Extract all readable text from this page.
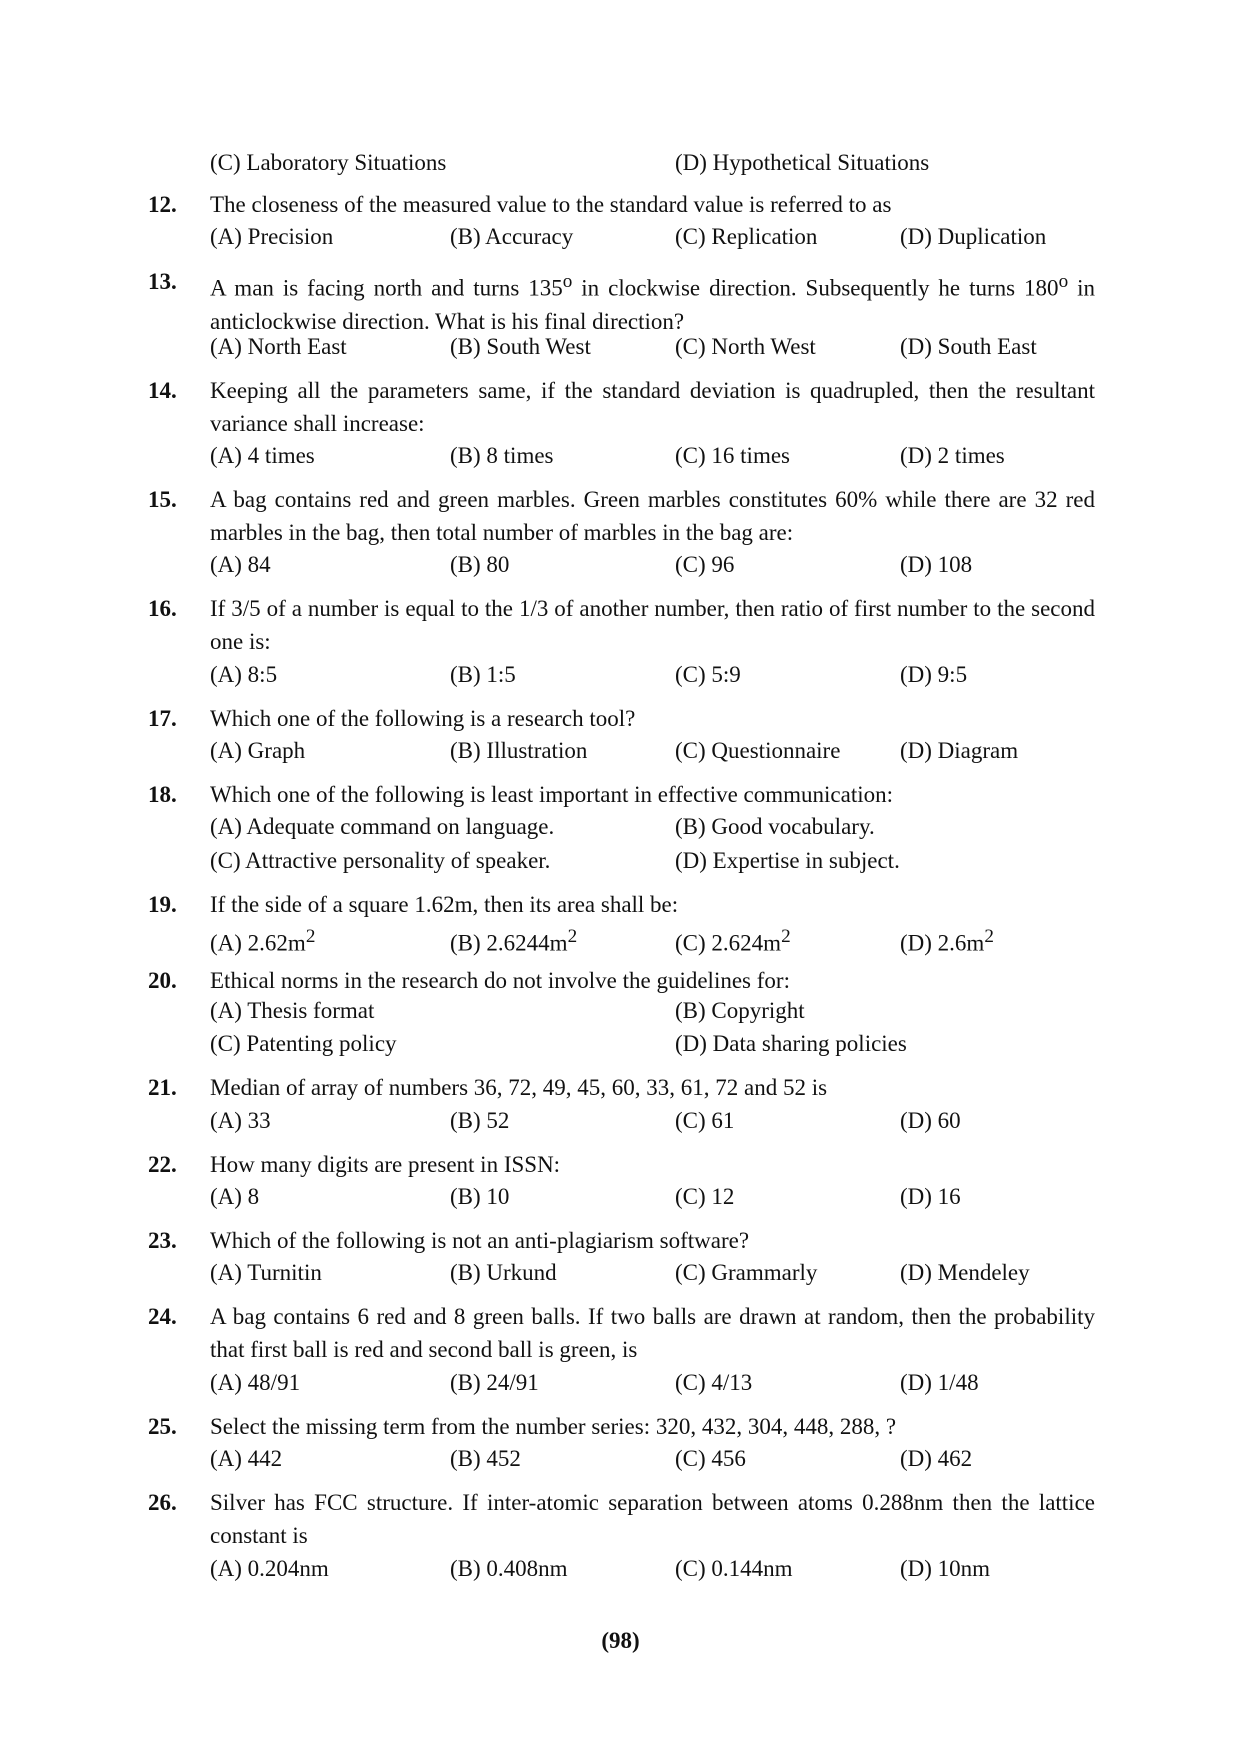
(C) Laboratory Situations	(D) Hypothetical Situations
12. The closeness of the measured value to the standard value is referred to as
(A) Precision	(B) Accuracy	(C) Replication	(D) Duplication
13. A man is facing north and turns 135$^o$ in clockwise direction. Subsequently he turns 180$^o$ in anticlockwise direction. What is his final direction?
(A) North East	(B) South West	(C) North West	(D) South East
14. Keeping all the parameters same, if the standard deviation is quadrupled, then the resultant variance shall increase:
(A) 4 times	(B) 8 times	(C) 16 times	(D) 2 times
15. A bag contains red and green marbles. Green marbles constitutes 60% while there are 32 red marbles in the bag, then total number of marbles in the bag are:
(A) 84	(B) 80	(C) 96	(D) 108
16. If 3/5 of a number is equal to the 1/3 of another number, then ratio of first number to the second one is:
(A) 8:5	(B) 1:5	(C) 5:9	(D) 9:5
17. Which one of the following is a research tool?
(A) Graph	(B) Illustration	(C) Questionnaire	(D) Diagram
18. Which one of the following is least important in effective communication:
(A) Adequate command on language.	(B) Good vocabulary.
(C) Attractive personality of speaker.	(D) Expertise in subject.
19. If the side of a square 1.62m, then its area shall be:
(A) $2.62m^2$	(B) $2.6244m^2$	(C) $2.624m^2$	(D) $2.6m^2$
20. Ethical norms in the research do not involve the guidelines for:
(A) Thesis format	(B) Copyright
(C) Patenting policy	(D) Data sharing policies
21. Median of array of numbers 36, 72, 49, 45, 60, 33, 61, 72 and 52 is
(A) 33	(B) 52	(C) 61	(D) 60
22. How many digits are present in ISSN:
(A) 8	(B) 10	(C) 12	(D) 16
23. Which of the following is not an anti-plagiarism software?
(A) Turnitin	(B) Urkund	(C) Grammarly	(D) Mendeley
24. A bag contains 6 red and 8 green balls. If two balls are drawn at random, then the probability that first ball is red and second ball is green, is
(A) 48/91	(B) 24/91	(C) 4/13	(D) 1/48
25. Select the missing term from the number series: 320, 432, 304, 448, 288, ?
(A) 442	(B) 452	(C) 456	(D) 462
26. Silver has FCC structure. If inter-atomic separation between atoms 0.288nm then the lattice constant is
(A) 0.204nm	(B) 0.408nm	(C) 0.144nm	(D) 10nm
(98)
